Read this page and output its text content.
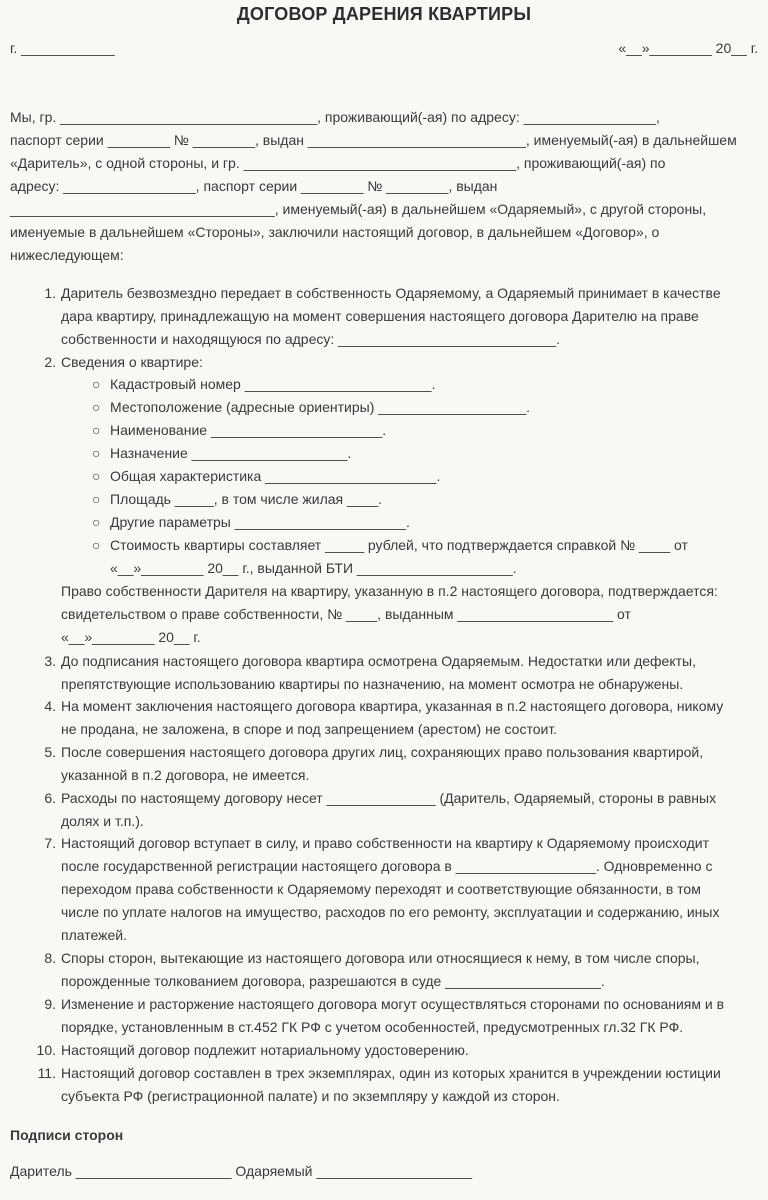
ДОГОВОР ДАРЕНИЯ КВАРТИРЫ
г. ____________	«__»________ 20__ г.
Мы, гр. _________________________________, проживающий(-ая) по адресу: _________________,
паспорт серии ________ № ________, выдан ____________________________, именуемый(-ая) в дальнейшем
«Даритель», с одной стороны, и гр. ___________________________________, проживающий(-ая) по
адресу: _________________, паспорт серии ________ № ________, выдан
__________________________________, именуемый(-ая) в дальнейшем «Одаряемый», с другой стороны,
именуемые в дальнейшем «Стороны», заключили настоящий договор, в дальнейшем «Договор», о
нижеследующем:
1. Даритель безвозмездно передает в собственность Одаряемому, а Одаряемый принимает в качестве
дара квартиру, принадлежащую на момент совершения настоящего договора Дарителю на праве
собственности и находящуюся по адресу: ____________________________.
2. Сведения о квартире:
○ Кадастровый номер ________________________.
○ Местоположение (адресные ориентиры) ___________________.
○ Наименование ______________________.
○ Назначение ____________________.
○ Общая характеристика ______________________.
○ Площадь _____, в том числе жилая ____.
○ Другие параметры ______________________.
○ Стоимость квартиры составляет _____ рублей, что подтверждается справкой № ____ от
«__»________ 20__ г., выданной БТИ ____________________.
Право собственности Дарителя на квартиру, указанную в п.2 настоящего договора, подтверждается:
свидетельством о праве собственности, № ____, выданным ____________________ от
«__»________ 20__ г.
3. До подписания настоящего договора квартира осмотрена Одаряемым. Недостатки или дефекты,
препятствующие использованию квартиры по назначению, на момент осмотра не обнаружены.
4. На момент заключения настоящего договора квартира, указанная в п.2 настоящего договора, никому
не продана, не заложена, в споре и под запрещением (арестом) не состоит.
5. После совершения настоящего договора других лиц, сохраняющих право пользования квартирой,
указанной в п.2 договора, не имеется.
6. Расходы по настоящему договору несет ______________ (Даритель, Одаряемый, стороны в равных
долях и т.п.).
7. Настоящий договор вступает в силу, и право собственности на квартиру к Одаряемому происходит
после государственной регистрации настоящего договора в __________________. Одновременно с
переходом права собственности к Одаряемому переходят и соответствующие обязанности, в том
числе по уплате налогов на имущество, расходов по его ремонту, эксплуатации и содержанию, иных
платежей.
8. Споры сторон, вытекающие из настоящего договора или относящиеся к нему, в том числе споры,
порожденные толкованием договора, разрешаются в суде ____________________.
9. Изменение и расторжение настоящего договора могут осуществляться сторонами по основаниям и в
порядке, установленным в ст.452 ГК РФ с учетом особенностей, предусмотренных гл.32 ГК РФ.
10. Настоящий договор подлежит нотариальному удостоверению.
11. Настоящий договор составлен в трех экземплярах, один из которых хранится в учреждении юстиции
субъекта РФ (регистрационной палате) и по экземпляру у каждой из сторон.
Подписи сторон
Даритель ____________________ Одаряемый ____________________
